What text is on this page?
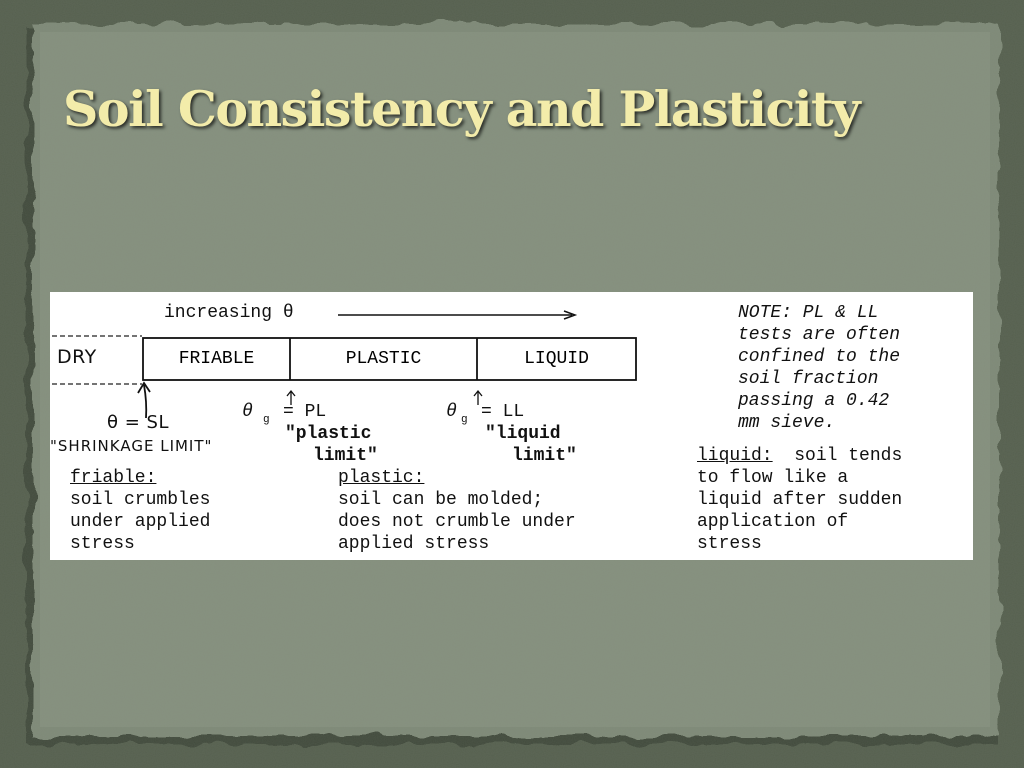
Soil Consistency and Plasticity
increasing θ
DRY	FRIABLE	PLASTIC	LIQUID
θ = SL
"SHRINKAGE LIMIT"
θ g = PL
"plastic
limit"
θ g = LL
"liquid
limit"
NOTE: PL & LL
tests are often
confined to the
soil fraction
passing a 0.42
mm sieve.
friable:
soil crumbles
under applied
stress
plastic:
soil can be molded;
does not crumble under
applied stress
liquid:  soil tends
to flow like a
liquid after sudden
application of
stress
